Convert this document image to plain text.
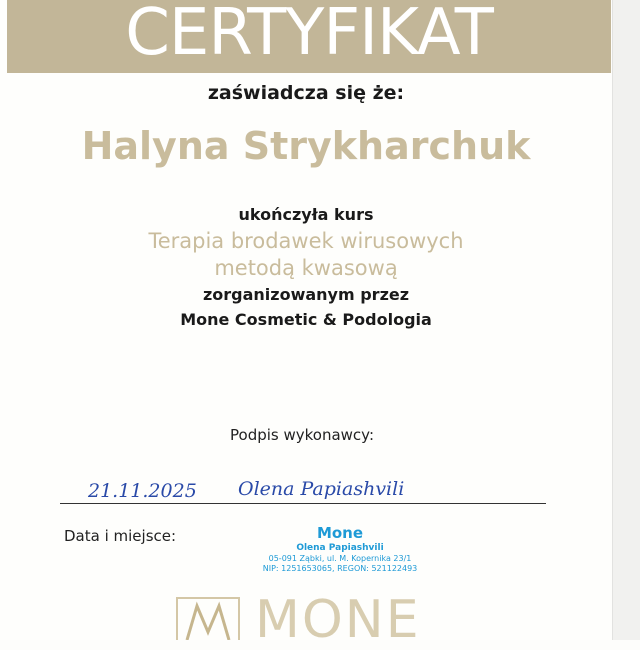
CERTYFIKAT
zaświadcza się że:
Halyna Strykharchuk
ukończyła kurs
Terapia brodawek wirusowych
metodą kwasową
zorganizowanym przez
Mone Cosmetic & Podologia
Podpis wykonawcy:
21.11.2025 Olena Papiashvili
Data i miejsce:	Mone
Olena Papiashvili
05-091 Ząbki, ul. M. Kopernika 23/1
NIP: 1251653065, REGON: 521122493
MONE
